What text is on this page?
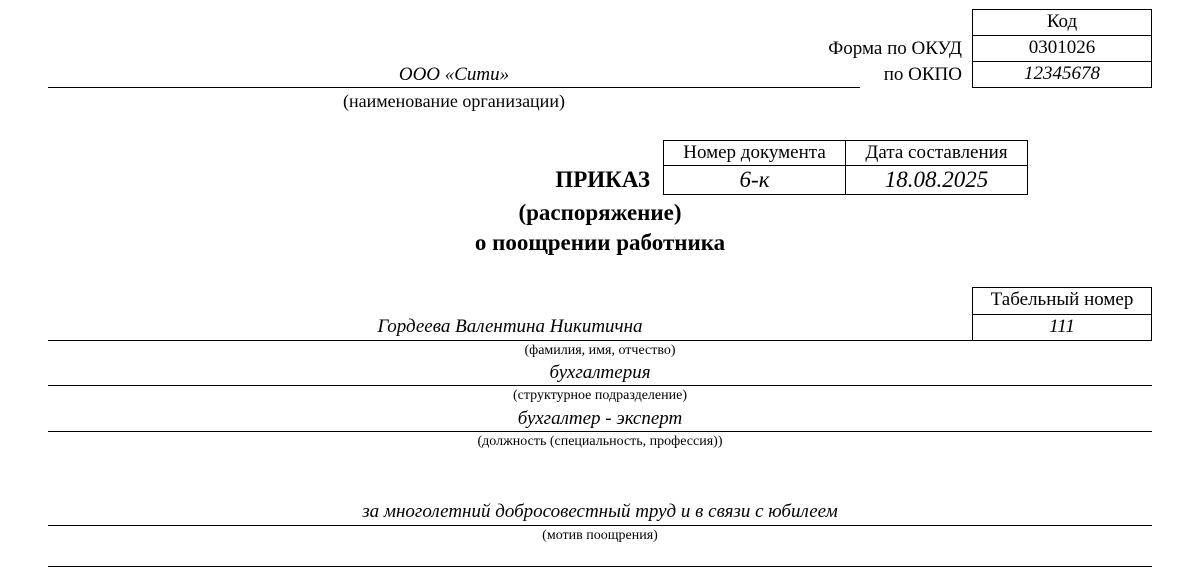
Код
Форма по ОКУД	0301026
по ОКПО	12345678
ООО «Сити»
(наименование организации)
Номер документа	Дата составления
6-к	18.08.2025
ПРИКАЗ
(распоряжение)
о поощрении работника
Табельный номер
111
Гордеева Валентина Никитична
(фамилия, имя, отчество)
бухгалтерия
(структурное подразделение)
бухгалтер - эксперт
(должность (специальность, профессия))
за многолетний добросовестный труд и в связи с юбилеем
(мотив поощрения)
